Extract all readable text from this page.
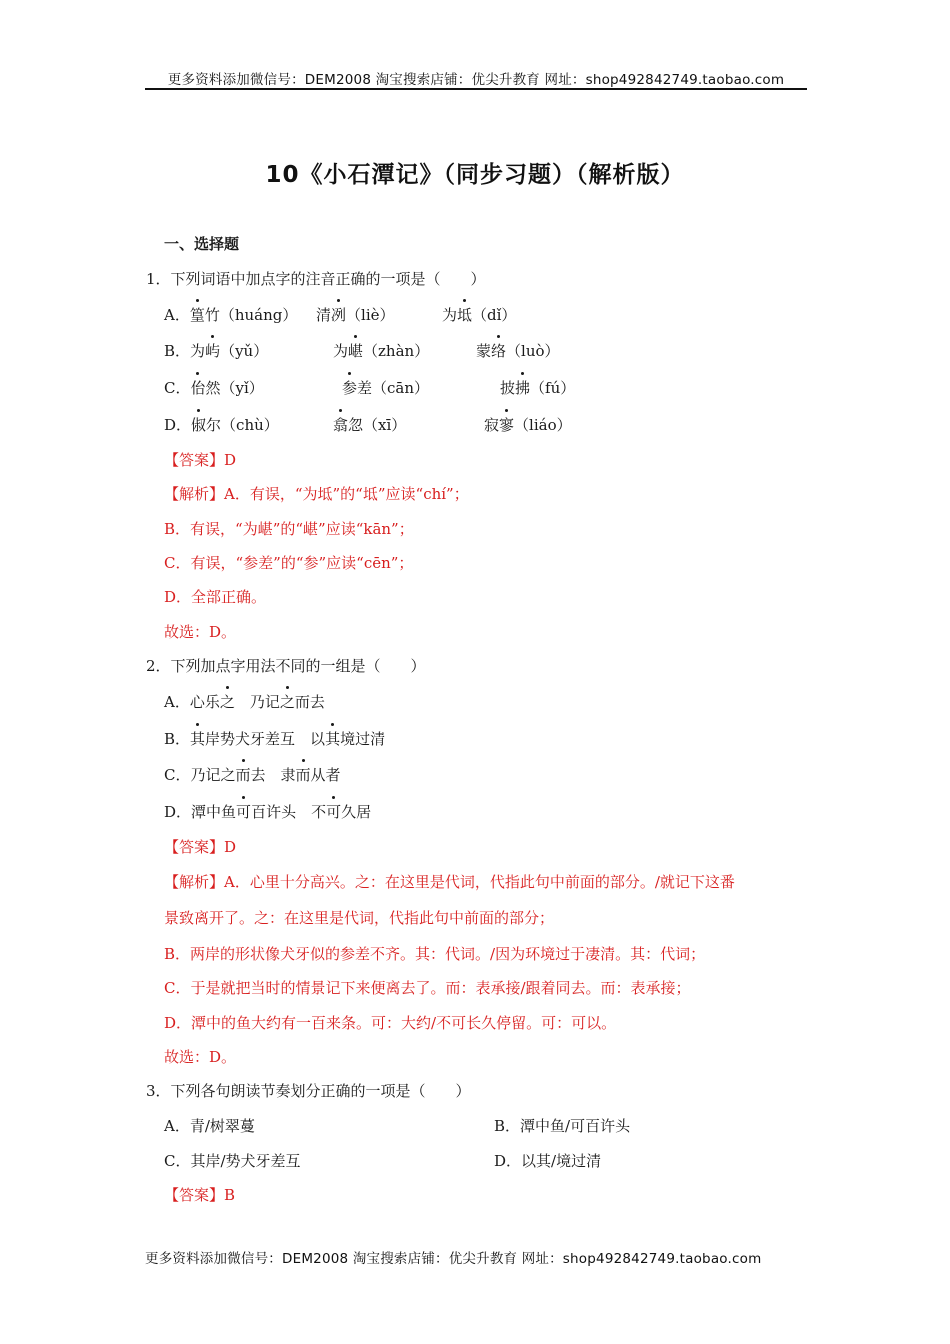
更多资料添加微信号：DEM2008 淘宝搜索店铺：优尖升教育 网址：shop492842749.taobao.com
10《小石潭记》（同步习题）（解析版）
一、选择题
1．下列词语中加点字的注音正确的一项是（　　）
A．篁竹（huáng） 清冽（liè）	为坻（dǐ）
B．为屿（yǔ）	为嵁（zhàn）	蒙络（luò）
C．佁然（yǐ）	参差（cān）	披拂（fú）
D．俶尔（chù）	翕忽（xī）	寂寥（liáo）
【答案】D
【解析】A．有误，“为坻”的“坻”应读“chí”；
B．有误，“为嵁”的“嵁”应读“kān”；
C．有误，“参差”的“参”应读“cēn”；
D．全部正确。
故选：D。
2．下列加点字用法不同的一组是（　　）
A．心乐之　乃记之而去
B．其岸势犬牙差互　以其境过清
C．乃记之而去　隶而从者
D．潭中鱼可百许头　不可久居
【答案】D
【解析】A．心里十分高兴。之：在这里是代词，代指此句中前面的部分。/就记下这番
景致离开了。之：在这里是代词，代指此句中前面的部分；
B．两岸的形状像犬牙似的参差不齐。其：代词。/因为环境过于凄清。其：代词；
C．于是就把当时的情景记下来便离去了。而：表承接/跟着同去。而：表承接；
D．潭中的鱼大约有一百来条。可：大约/不可长久停留。可：可以。
故选：D。
3．下列各句朗读节奏划分正确的一项是（　　）
A．青/树翠蔓	B．潭中鱼/可百许头
C．其岸/势犬牙差互	D．以其/境过清
【答案】B
更多资料添加微信号：DEM2008 淘宝搜索店铺：优尖升教育 网址：shop492842749.taobao.com
